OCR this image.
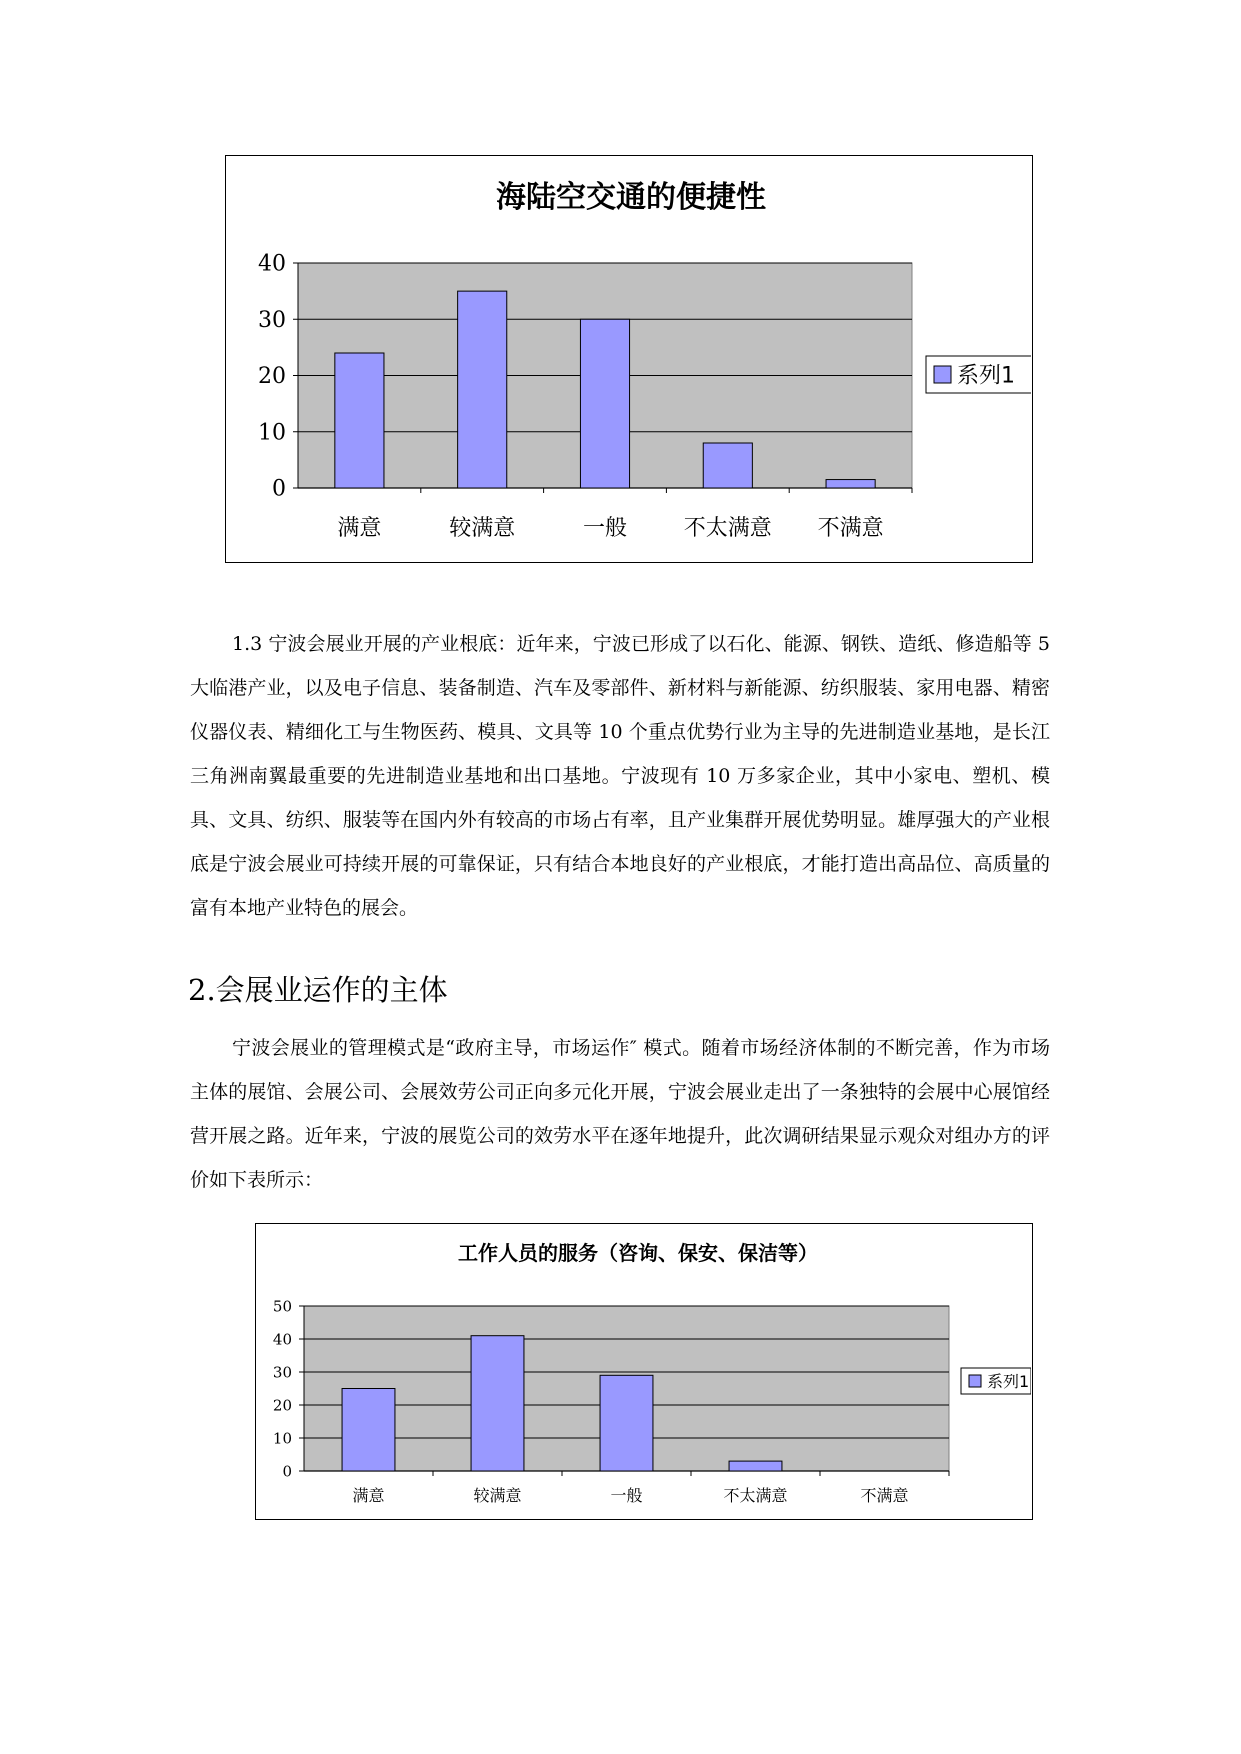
海陆空交通的便捷性
0
10
20
30
40
满意	较满意	一般	不太满意 不满意
系列1

1.3 宁波会展业开展的产业根底：近年来，宁波已形成了以石化、能源、钢铁、造纸、修造船等 5 大临港产业，以及电子信息、装备制造、汽车及零部件、新材料与新能源、纺织服装、家用电器、精密仪器仪表、精细化工与生物医药、模具、文具等 10 个重点优势行业为主导的先进制造业基地，是长江三角洲南翼最重要的先进制造业基地和出口基地。宁波现有 10 万多家企业，其中小家电、塑机、模具、文具、纺织、服装等在国内外有较高的市场占有率，且产业集群开展优势明显。雄厚强大的产业根底是宁波会展业可持续开展的可靠保证，只有结合本地良好的产业根底，才能打造出高品位、高质量的富有本地产业特色的展会。

2.会展业运作的主体

宁波会展业的管理模式是“政府主导，市场运作″ 模式。随着市场经济体制的不断完善，作为市场主体的展馆、会展公司、会展效劳公司正向多元化开展，宁波会展业走出了一条独特的会展中心展馆经营开展之路。近年来，宁波的展览公司的效劳水平在逐年地提升，此次调研结果显示观众对组办方的评价如下表所示：

工作人员的服务（咨询、保安、保洁等）
0
10
20
30
40
50
满意	较满意	一般	不太满意	不满意
系列1
